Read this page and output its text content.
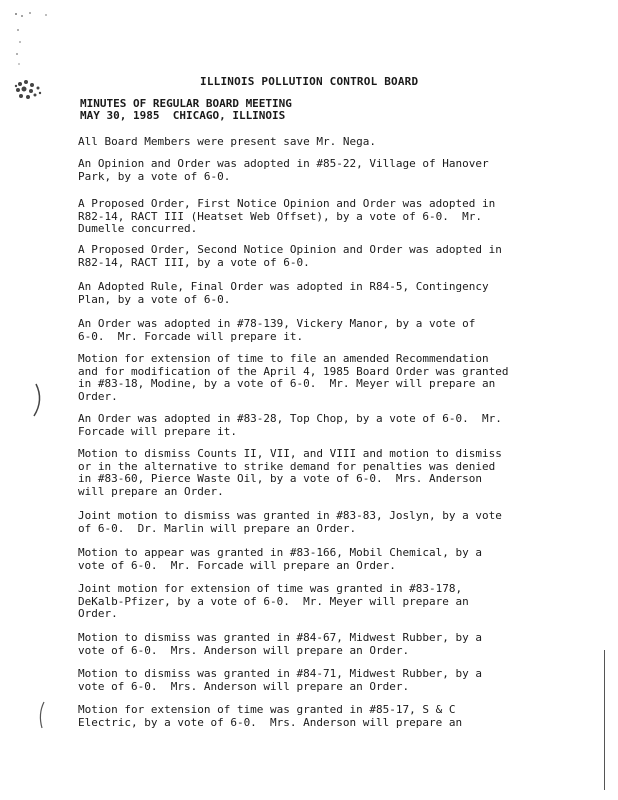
ILLINOIS POLLUTION CONTROL BOARD
MINUTES OF REGULAR BOARD MEETING
MAY 30, 1985  CHICAGO, ILLINOIS
All Board Members were present save Mr. Nega.
An Opinion and Order was adopted in #85-22, Village of Hanover
Park, by a vote of 6-0.
A Proposed Order, First Notice Opinion and Order was adopted in
R82-14, RACT III (Heatset Web Offset), by a vote of 6-0.  Mr.
Dumelle concurred.
A Proposed Order, Second Notice Opinion and Order was adopted in
R82-14, RACT III, by a vote of 6-0.
An Adopted Rule, Final Order was adopted in R84-5, Contingency
Plan, by a vote of 6-0.
An Order was adopted in #78-139, Vickery Manor, by a vote of
6-0.  Mr. Forcade will prepare it.
Motion for extension of time to file an amended Recommendation
and for modification of the April 4, 1985 Board Order was granted
in #83-18, Modine, by a vote of 6-0.  Mr. Meyer will prepare an
Order.
An Order was adopted in #83-28, Top Chop, by a vote of 6-0.  Mr.
Forcade will prepare it.
Motion to dismiss Counts II, VII, and VIII and motion to dismiss
or in the alternative to strike demand for penalties was denied
in #83-60, Pierce Waste Oil, by a vote of 6-0.  Mrs. Anderson
will prepare an Order.
Joint motion to dismiss was granted in #83-83, Joslyn, by a vote
of 6-0.  Dr. Marlin will prepare an Order.
Motion to appear was granted in #83-166, Mobil Chemical, by a
vote of 6-0.  Mr. Forcade will prepare an Order.
Joint motion for extension of time was granted in #83-178,
DeKalb-Pfizer, by a vote of 6-0.  Mr. Meyer will prepare an
Order.
Motion to dismiss was granted in #84-67, Midwest Rubber, by a
vote of 6-0.  Mrs. Anderson will prepare an Order.
Motion to dismiss was granted in #84-71, Midwest Rubber, by a
vote of 6-0.  Mrs. Anderson will prepare an Order.
Motion for extension of time was granted in #85-17, S & C
Electric, by a vote of 6-0.  Mrs. Anderson will prepare an
